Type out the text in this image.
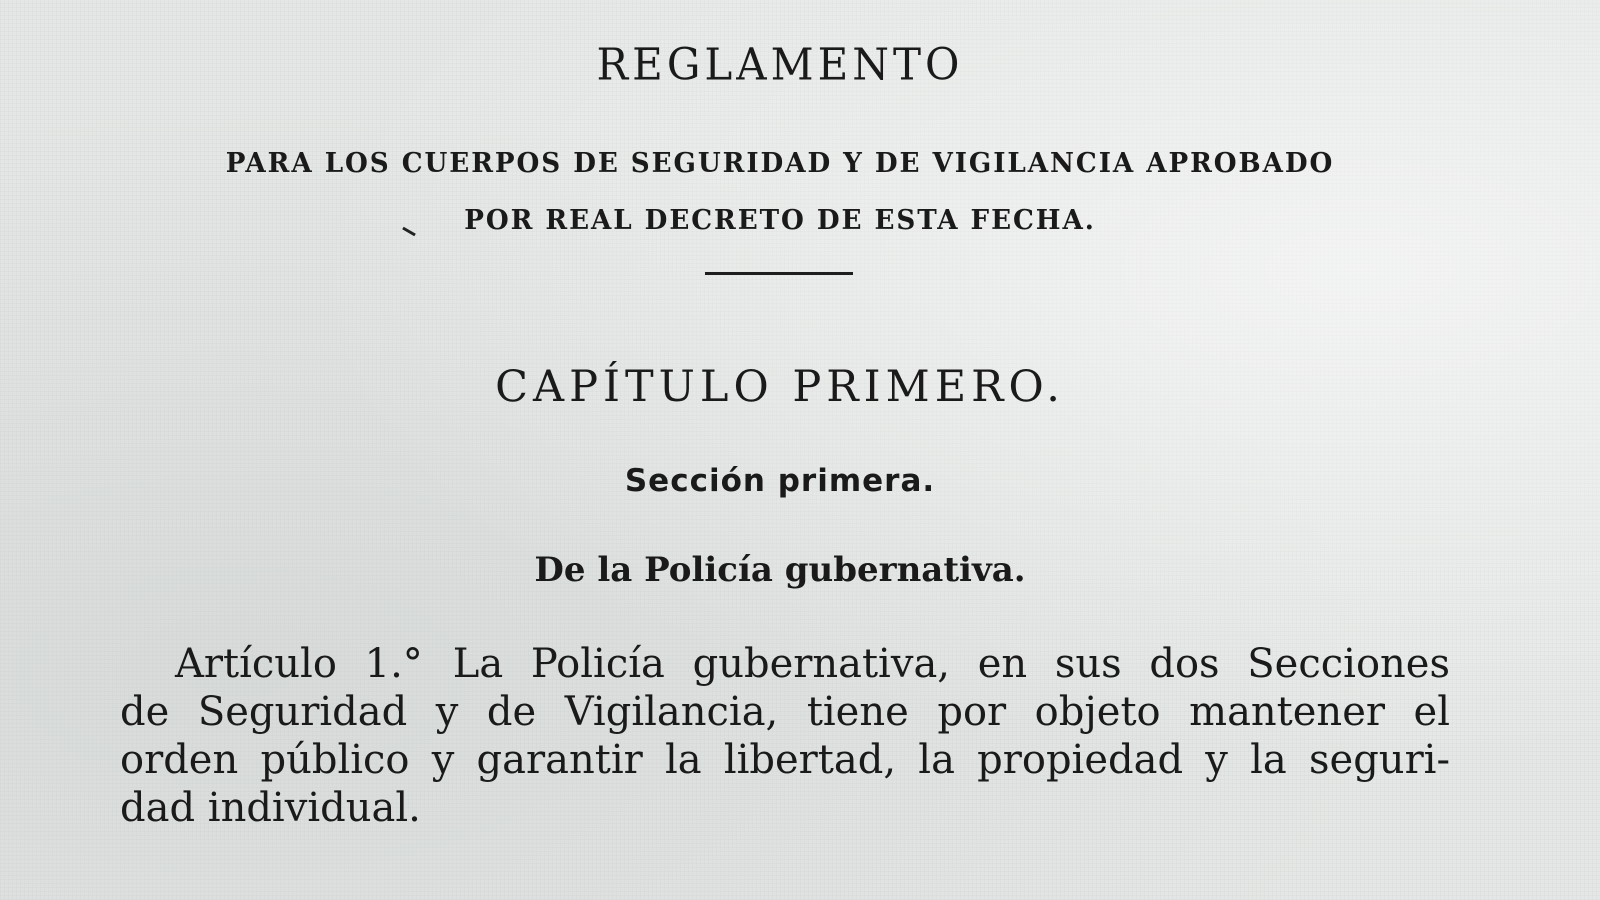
REGLAMENTO

PARA LOS CUERPOS DE SEGURIDAD Y DE VIGILANCIA APROBADO

POR REAL DECRETO DE ESTA FECHA.

CAPÍTULO PRIMERO.
Sección primera.
De la Policía gubernativa.
Artículo 1.° La Policía gubernativa, en sus dos Secciones
de Seguridad y de Vigilancia, tiene por objeto mantener el
orden público y garantir la libertad, la propiedad y la seguri-
dad individual.
